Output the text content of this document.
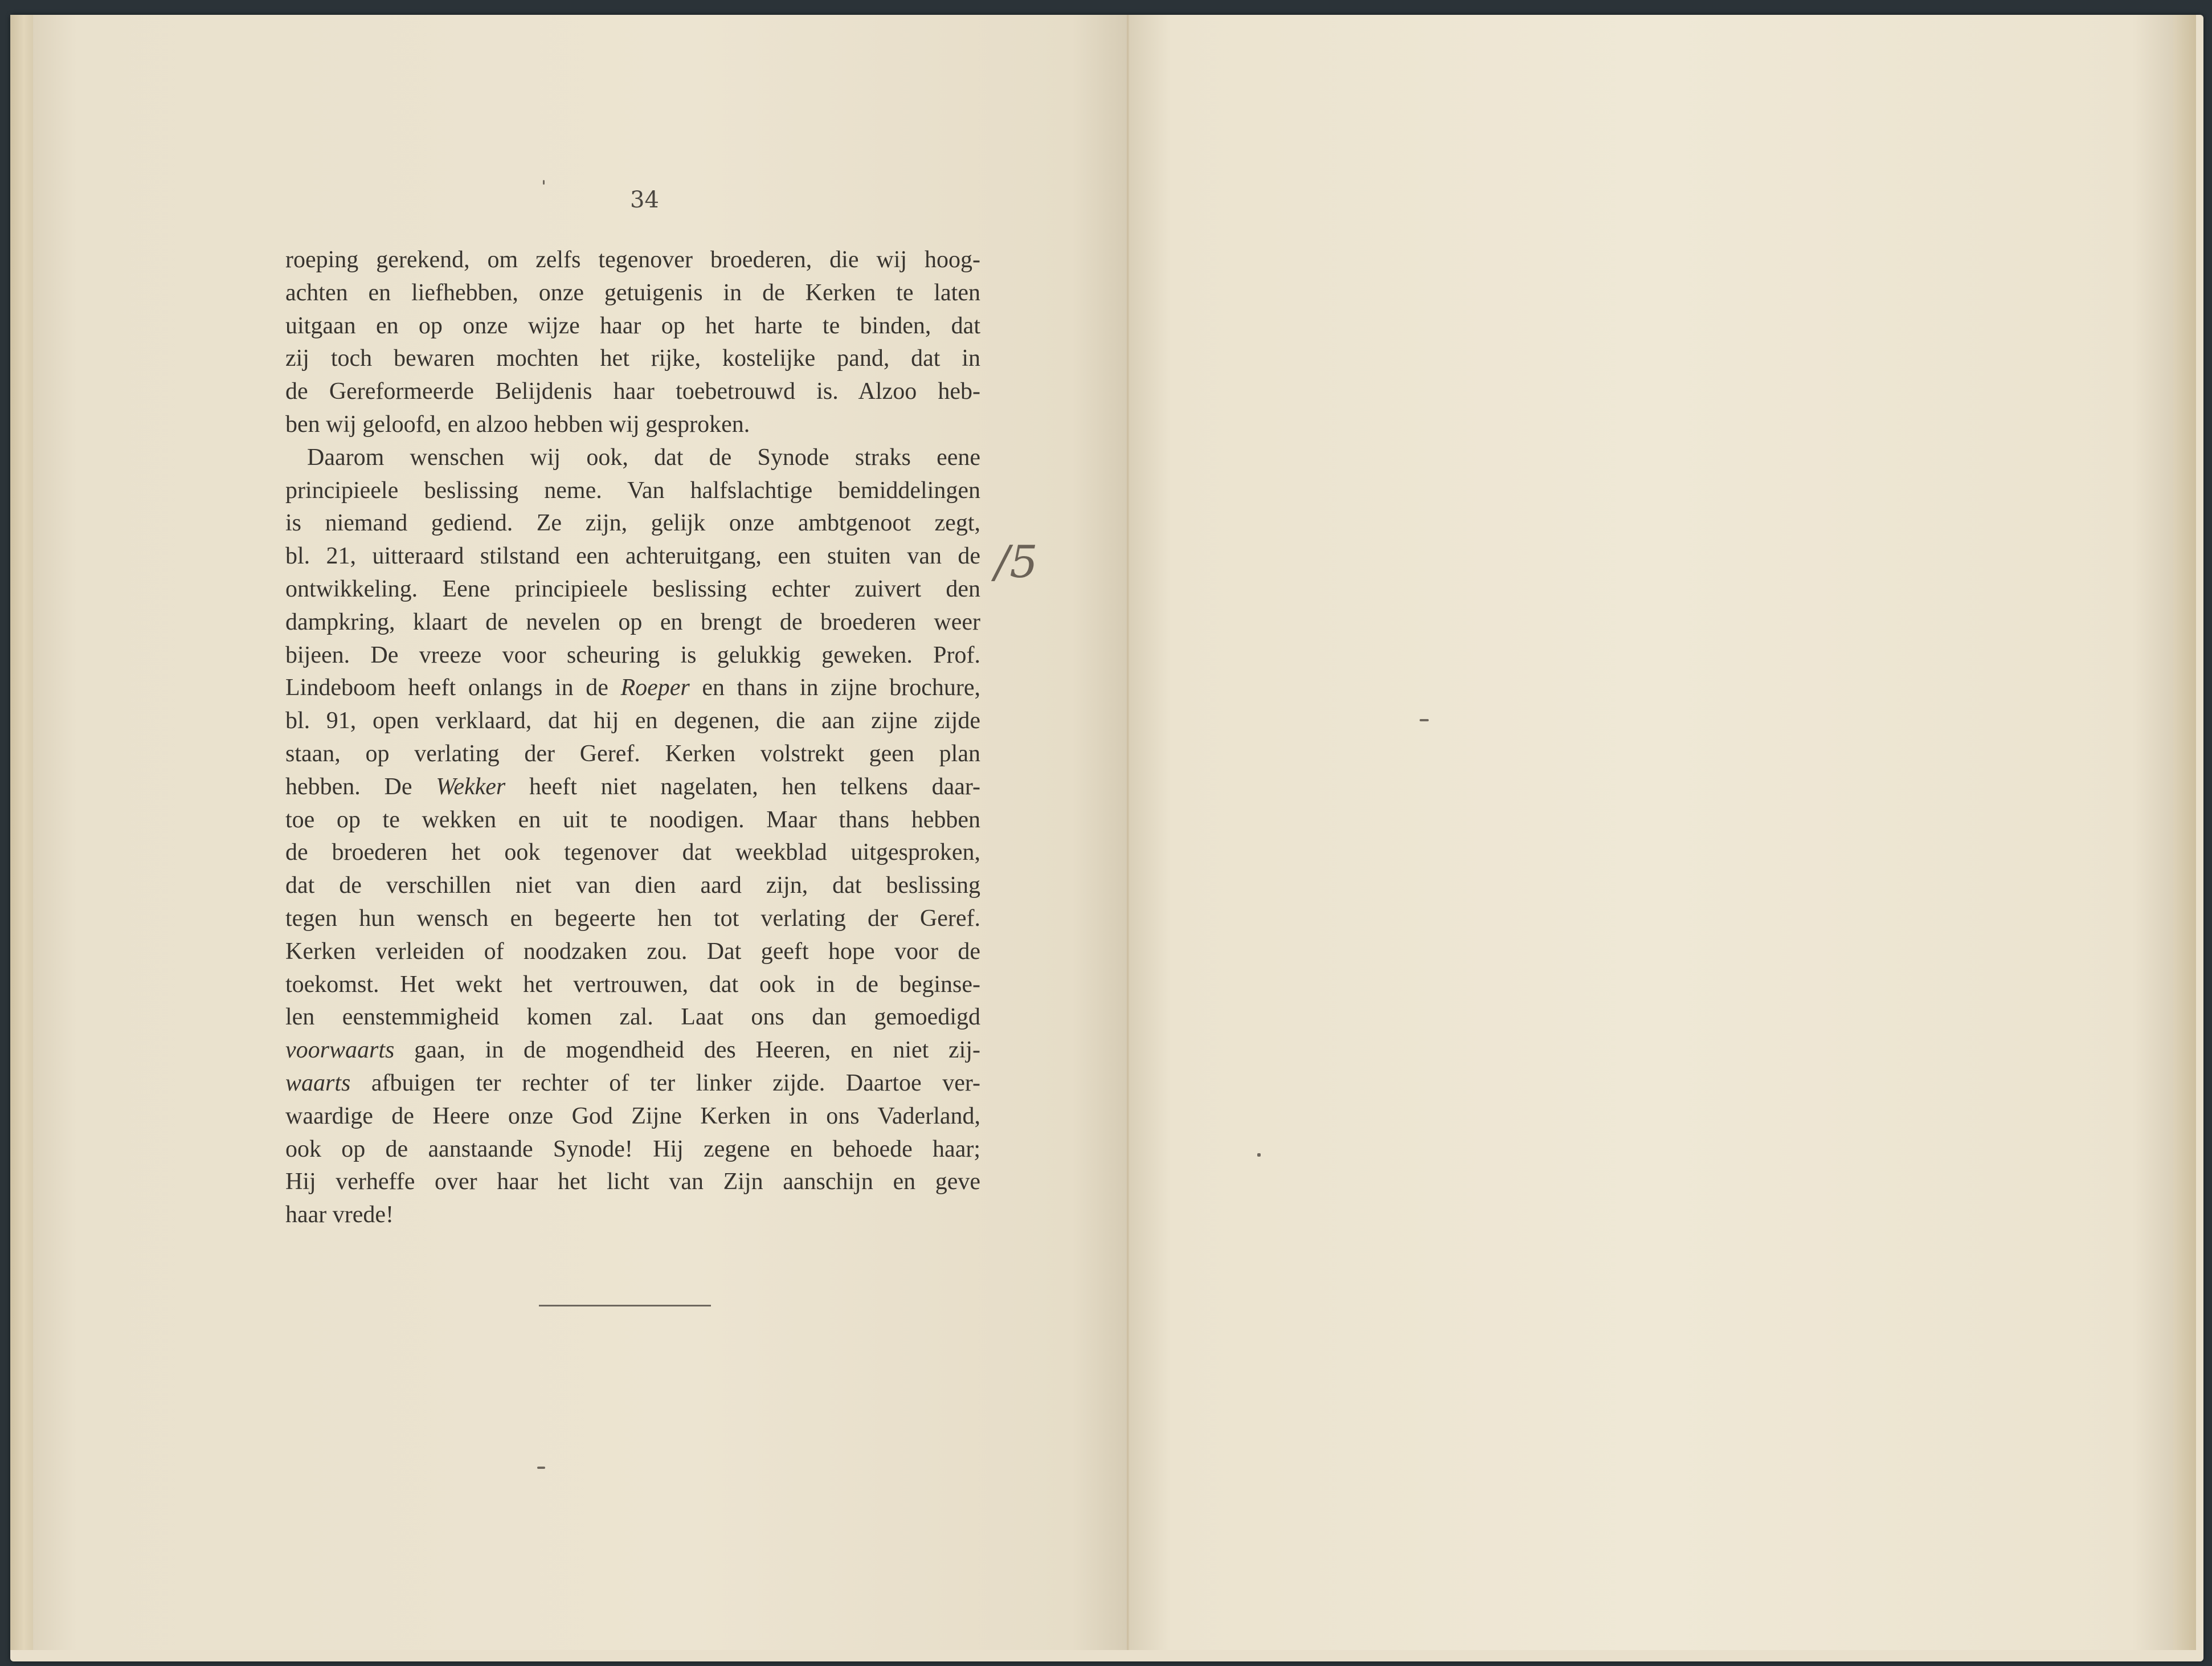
34
roeping gerekend, om zelfs tegenover broederen, die wij hoog-
achten en liefhebben, onze getuigenis in de Kerken te laten
uitgaan en op onze wijze haar op het harte te binden, dat
zij toch bewaren mochten het rijke, kostelijke pand, dat in
de Gereformeerde Belijdenis haar toebetrouwd is. Alzoo heb-
ben wij geloofd, en alzoo hebben wij gesproken.
Daarom wenschen wij ook, dat de Synode straks eene
principieele beslissing neme. Van halfslachtige bemiddelingen
is niemand gediend. Ze zijn, gelijk onze ambtgenoot zegt,
bl. 21, uitteraard stilstand een achteruitgang, een stuiten van de
ontwikkeling. Eene principieele beslissing echter zuivert den
dampkring, klaart de nevelen op en brengt de broederen weer
bijeen. De vreeze voor scheuring is gelukkig geweken. Prof.
Lindeboom heeft onlangs in de Roeper en thans in zijne brochure,
bl. 91, open verklaard, dat hij en degenen, die aan zijne zijde
staan, op verlating der Geref. Kerken volstrekt geen plan
hebben. De Wekker heeft niet nagelaten, hen telkens daar-
toe op te wekken en uit te noodigen. Maar thans hebben
de broederen het ook tegenover dat weekblad uitgesproken,
dat de verschillen niet van dien aard zijn, dat beslissing
tegen hun wensch en begeerte hen tot verlating der Geref.
Kerken verleiden of noodzaken zou. Dat geeft hope voor de
toekomst. Het wekt het vertrouwen, dat ook in de beginse-
len eenstemmigheid komen zal. Laat ons dan gemoedigd
voorwaarts gaan, in de mogendheid des Heeren, en niet zij-
waarts afbuigen ter rechter of ter linker zijde. Daartoe ver-
waardige de Heere onze God Zijne Kerken in ons Vaderland,
ook op de aanstaande Synode! Hij zegene en behoede haar;
Hij verheffe over haar het licht van Zijn aanschijn en geve
haar vrede!
/5
